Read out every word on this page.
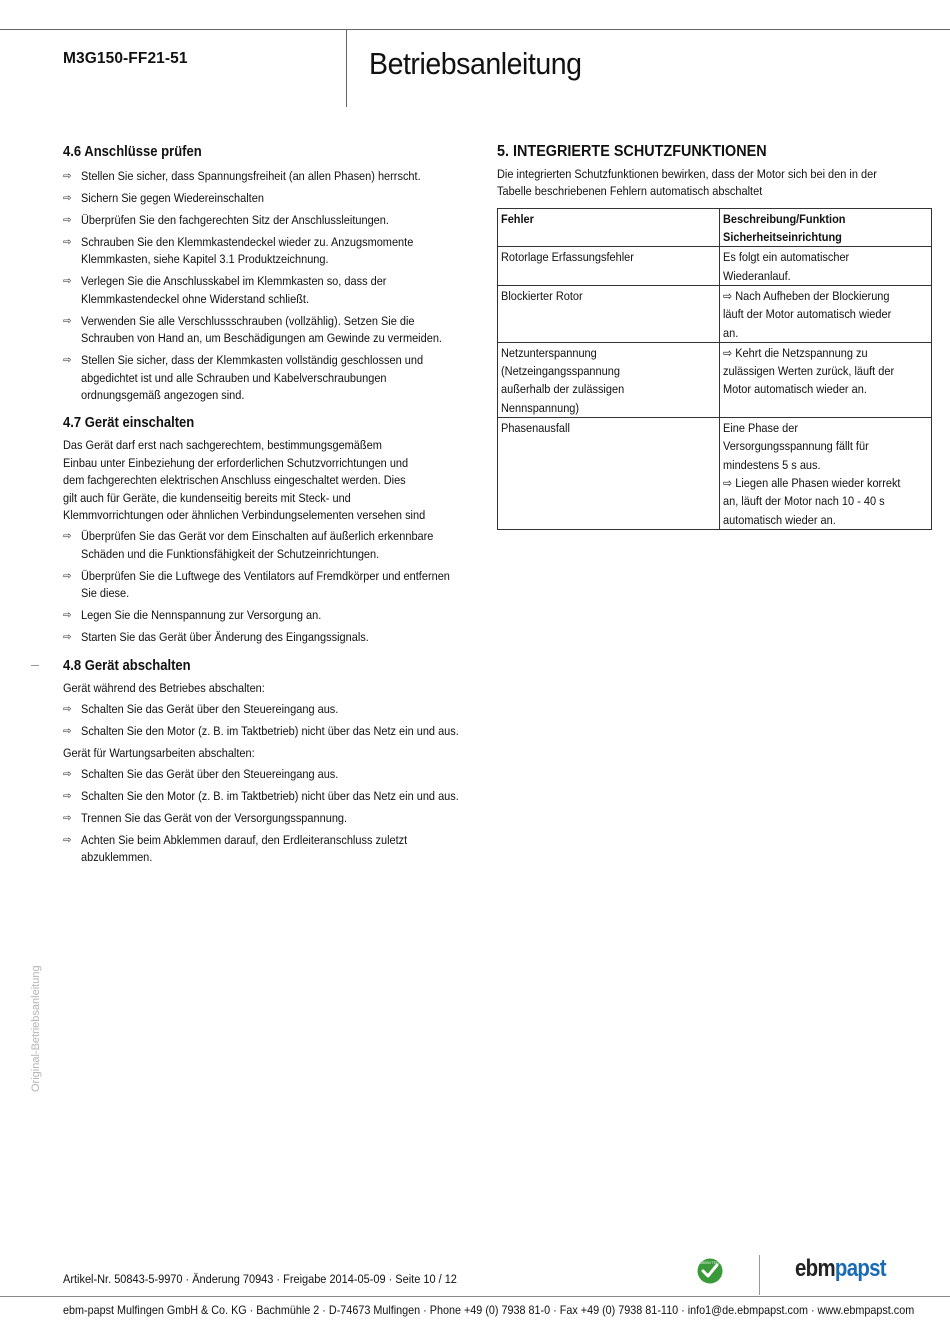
M3G150-FF21-51	Betriebsanleitung
4.6 Anschlüsse prüfen
⇨ Stellen Sie sicher, dass Spannungsfreiheit (an allen Phasen) herrscht.
⇨ Sichern Sie gegen Wiedereinschalten
⇨ Überprüfen Sie den fachgerechten Sitz der Anschlussleitungen.
⇨ Schrauben Sie den Klemmkastendeckel wieder zu. Anzugsmomente Klemmkasten, siehe Kapitel 3.1 Produktzeichnung.
⇨ Verlegen Sie die Anschlusskabel im Klemmkasten so, dass der Klemmkastendeckel ohne Widerstand schließt.
⇨ Verwenden Sie alle Verschlussschrauben (vollzählig). Setzen Sie die Schrauben von Hand an, um Beschädigungen am Gewinde zu vermeiden.
⇨ Stellen Sie sicher, dass der Klemmkasten vollständig geschlossen und abgedichtet ist und alle Schrauben und Kabelverschraubungen ordnungsgemäß angezogen sind.
4.7 Gerät einschalten
Das Gerät darf erst nach sachgerechtem, bestimmungsgemäßem
Einbau unter Einbeziehung der erforderlichen Schutzvorrichtungen und
dem fachgerechten elektrischen Anschluss eingeschaltet werden. Dies
gilt auch für Geräte, die kundenseitig bereits mit Steck- und
Klemmvorrichtungen oder ähnlichen Verbindungselementen versehen sind
⇨ Überprüfen Sie das Gerät vor dem Einschalten auf äußerlich erkennbare Schäden und die Funktionsfähigkeit der Schutzeinrichtungen.
⇨ Überprüfen Sie die Luftwege des Ventilators auf Fremdkörper und entfernen Sie diese.
⇨ Legen Sie die Nennspannung zur Versorgung an.
⇨ Starten Sie das Gerät über Änderung des Eingangssignals.
4.8 Gerät abschalten
Gerät während des Betriebes abschalten:
⇨ Schalten Sie das Gerät über den Steuereingang aus.
⇨ Schalten Sie den Motor (z. B. im Taktbetrieb) nicht über das Netz ein und aus.
Gerät für Wartungsarbeiten abschalten:
⇨ Schalten Sie das Gerät über den Steuereingang aus.
⇨ Schalten Sie den Motor (z. B. im Taktbetrieb) nicht über das Netz ein und aus.
⇨ Trennen Sie das Gerät von der Versorgungsspannung.
⇨ Achten Sie beim Abklemmen darauf, den Erdleiteranschluss zuletzt abzuklemmen.
5. INTEGRIERTE SCHUTZFUNKTIONEN
Die integrierten Schutzfunktionen bewirken, dass der Motor sich bei den in der Tabelle beschriebenen Fehlern automatisch abschaltet
Fehler	Beschreibung/Funktion Sicherheitseinrichtung

Rotorlage Erfassungsfehler	Es folgt ein automatischer Wiederanlauf.

Blockierter Rotor	⇨ Nach Aufheben der Blockierung läuft der Motor automatisch wieder an.

Netzunterspannung (Netzeingangsspannung außerhalb der zulässigen Nennspannung)	⇨ Kehrt die Netzspannung zu zulässigen Werten zurück, läuft der Motor automatisch wieder an.

Phasenausfall	Eine Phase der Versorgungsspannung fällt für mindestens 5 s aus.
⇨ Liegen alle Phasen wieder korrekt an, läuft der Motor nach 10 - 40 s automatisch wieder an.
Original-Betriebsanleitung
Artikel-Nr. 50843-5-9970 · Änderung 70943 · Freigabe 2014-05-09 · Seite 10 / 12
GREEN TECH	ebmpapst
ebm-papst Mulfingen GmbH & Co. KG · Bachmühle 2 · D-74673 Mulfingen · Phone +49 (0) 7938 81-0 · Fax +49 (0) 7938 81-110 · info1@de.ebmpapst.com · www.ebmpapst.com
